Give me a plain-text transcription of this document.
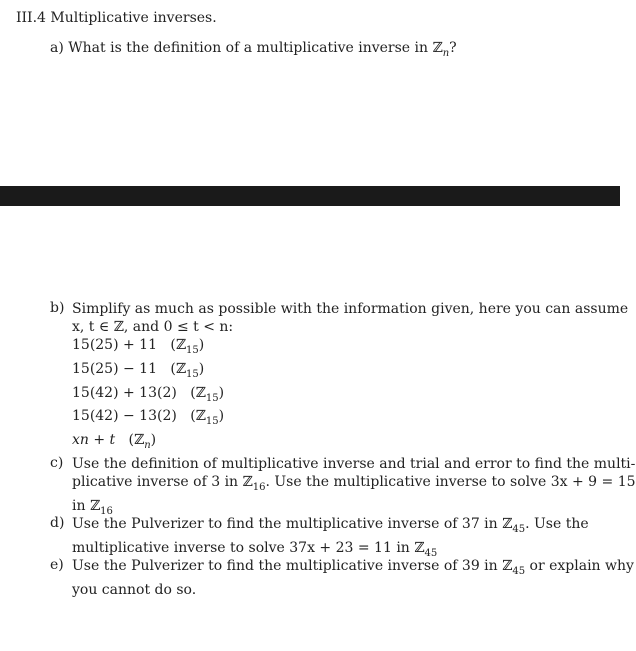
III.4 Multiplicative inverses.
a) What is the definition of a multiplicative inverse in ℤ$_n$?
b) Simplify as much as possible with the information given, here you can assume
x, t ∈ ℤ, and 0 ≤ t < n:
15(25) + 11 (ℤ$_{15}$)
15(25) − 11 (ℤ$_{15}$)
15(42) + 13(2) (ℤ$_{15}$)
15(42) − 13(2) (ℤ$_{15}$)
xn + t (ℤ$_n$)
c) Use the definition of multiplicative inverse and trial and error to find the multi-
plicative inverse of 3 in ℤ$_{16}$. Use the multiplicative inverse to solve 3x + 9 = 15
in ℤ$_{16}$
d) Use the Pulverizer to find the multiplicative inverse of 37 in ℤ$_{45}$. Use the
multiplicative inverse to solve 37x + 23 = 11 in ℤ$_{45}$
e) Use the Pulverizer to find the multiplicative inverse of 39 in ℤ$_{45}$ or explain why
you cannot do so.
